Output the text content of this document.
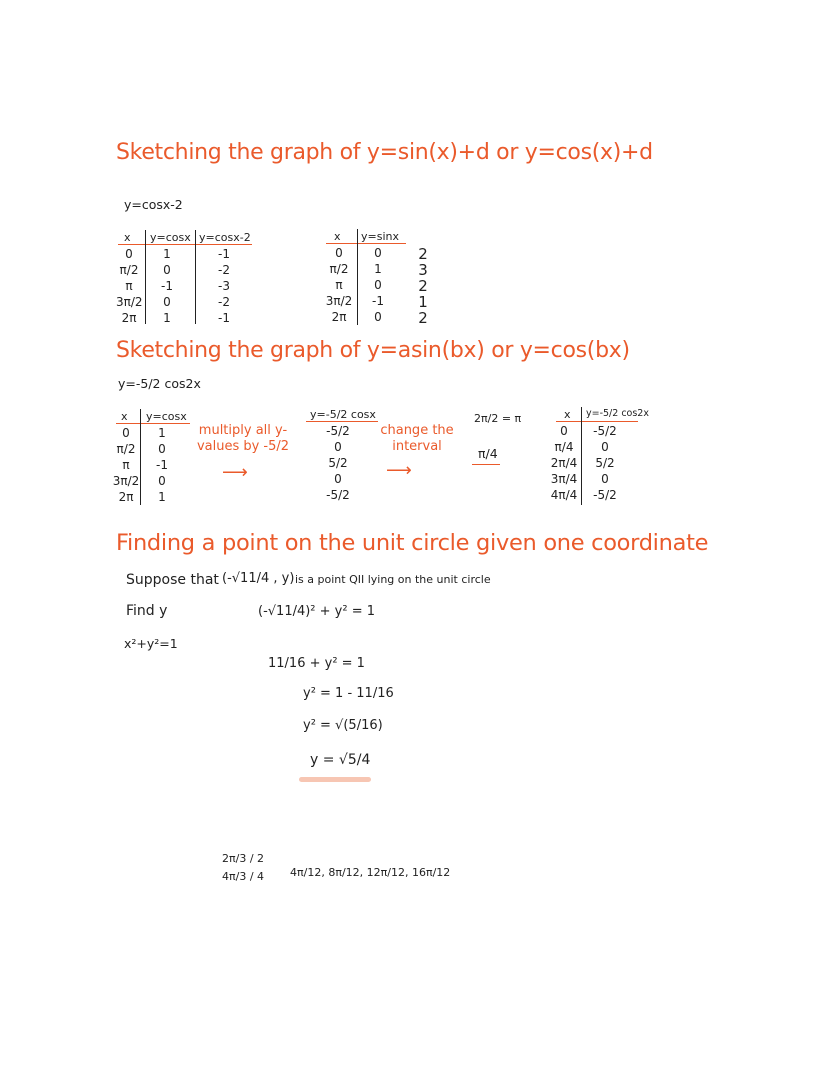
Sketching the graph of y=sin(x)+d or y=cos(x)+d
y=cosx-2
x y=cosx y=cosx-2
0
π/2
π
3π/2
2π
1
0
-1
0
1
-1
-2
-3
-2
-1
x y=sinx
0
π/2
π
3π/2
2π
0
1
0
-1
0
2
3
2
1
2
Sketching the graph of y=asin(bx) or y=cos(bx)
y=-5/2 cos2x
x y=cosx
0
π/2
π
3π/2
2π
1
0
-1
0
1
multiply all y-values by -5/2
⟶
y=-5/2 cosx
-5/2
0
5/2
0
-5/2
change the interval
⟶
2π/2 = π
π/4
x y=-5/2 cos2x
0
π/4
2π/4
3π/4
4π/4
-5/2
0
5/2
0
-5/2
Finding a point on the unit circle given one coordinate
Suppose that (-√11/4 , y) is a point QII lying on the unit circle
Find y
x²+y²=1
(-√11/4)² + y² = 1
11/16 + y² = 1
y² = 1 - 11/16
y² = √(5/16)
y = √5/4
2π/3 / 2
4π/3 / 4 4π/12, 8π/12, 12π/12, 16π/12
